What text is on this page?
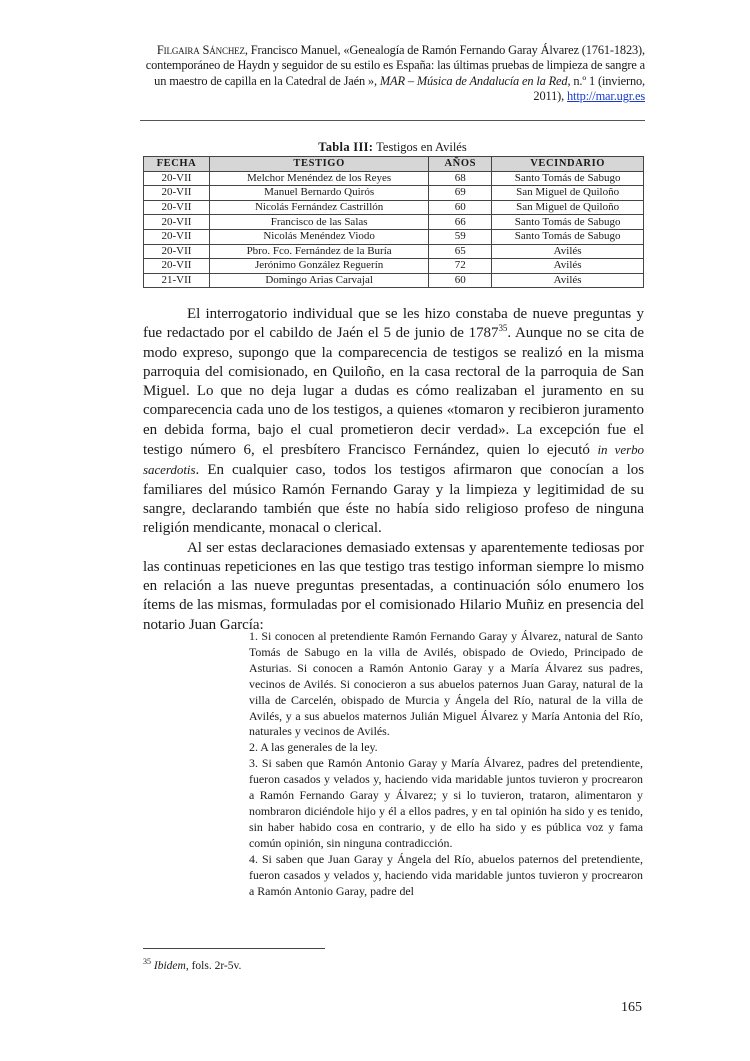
Filgaira Sánchez, Francisco Manuel, «Genealogía de Ramón Fernando Garay Álvarez (1761-1823), contemporáneo de Haydn y seguidor de su estilo es España: las últimas pruebas de limpieza de sangre a un maestro de capilla en la Catedral de Jaén », MAR – Música de Andalucía en la Red, n.º 1 (invierno, 2011), http://mar.ugr.es
Tabla III: Testigos en Avilés
FECHA	TESTIGO	AÑOS	VECINDARIO
20-VII	Melchor Menéndez de los Reyes	68	Santo Tomás de Sabugo
20-VII	Manuel Bernardo Quirós	69	San Miguel de Quiloño
20-VII	Nicolás Fernández Castrillón	60	San Miguel de Quiloño
20-VII	Francisco de las Salas	66	Santo Tomás de Sabugo
20-VII	Nicolás Menéndez Viodo	59	Santo Tomás de Sabugo
20-VII	Pbro. Fco. Fernández de la Buría	65	Avilés
20-VII	Jerónimo González Reguerín	72	Avilés
21-VII	Domingo Arias Carvajal	60	Avilés

El interrogatorio individual que se les hizo constaba de nueve preguntas y fue redactado por el cabildo de Jaén el 5 de junio de 1787$^{35}$. Aunque no se cita de modo expreso, supongo que la comparecencia de testigos se realizó en la misma parroquia del comisionado, en Quiloño, en la casa rectoral de la parroquia de San Miguel. Lo que no deja lugar a dudas es cómo realizaban el juramento en su comparecencia cada uno de los testigos, a quienes «tomaron y recibieron juramento en debida forma, bajo el cual prometieron decir verdad». La excepción fue el testigo número 6, el presbítero Francisco Fernández, quien lo ejecutó in verbo sacerdotis. En cualquier caso, todos los testigos afirmaron que conocían a los familiares del músico Ramón Fernando Garay y la limpieza y legitimidad de su sangre, declarando también que éste no había sido religioso profeso de ninguna religión mendicante, monacal o clerical.

Al ser estas declaraciones demasiado extensas y aparentemente tediosas por las continuas repeticiones en las que testigo tras testigo informan siempre lo mismo en relación a las nueve preguntas presentadas, a continuación sólo enumero los ítems de las mismas, formuladas por el comisionado Hilario Muñiz en presencia del notario Juan García:

1. Si conocen al pretendiente Ramón Fernando Garay y Álvarez, natural de Santo Tomás de Sabugo en la villa de Avilés, obispado de Oviedo, Principado de Asturias. Si conocen a Ramón Antonio Garay y a María Álvarez sus padres, vecinos de Avilés. Si conocieron a sus abuelos paternos Juan Garay, natural de la villa de Carcelén, obispado de Murcia y Ángela del Río, natural de la villa de Avilés, y a sus abuelos maternos Julián Miguel Álvarez y María Antonia del Río, naturales y vecinos de Avilés.

2. A las generales de la ley.

3. Si saben que Ramón Antonio Garay y María Álvarez, padres del pretendiente, fueron casados y velados y, haciendo vida maridable juntos tuvieron y procrearon a Ramón Fernando Garay y Álvarez; y si lo tuvieron, trataron, alimentaron y nombraron diciéndole hijo y él a ellos padres, y en tal opinión ha sido y es tenido, sin haber habido cosa en contrario, y de ello ha sido y es pública voz y fama común opinión, sin ninguna contradicción.

4. Si saben que Juan Garay y Ángela del Río, abuelos paternos del pretendiente, fueron casados y velados y, haciendo vida maridable juntos tuvieron y procrearon a Ramón Antonio Garay, padre del

$^{35}$ Ibidem, fols. 2r-5v.
165
